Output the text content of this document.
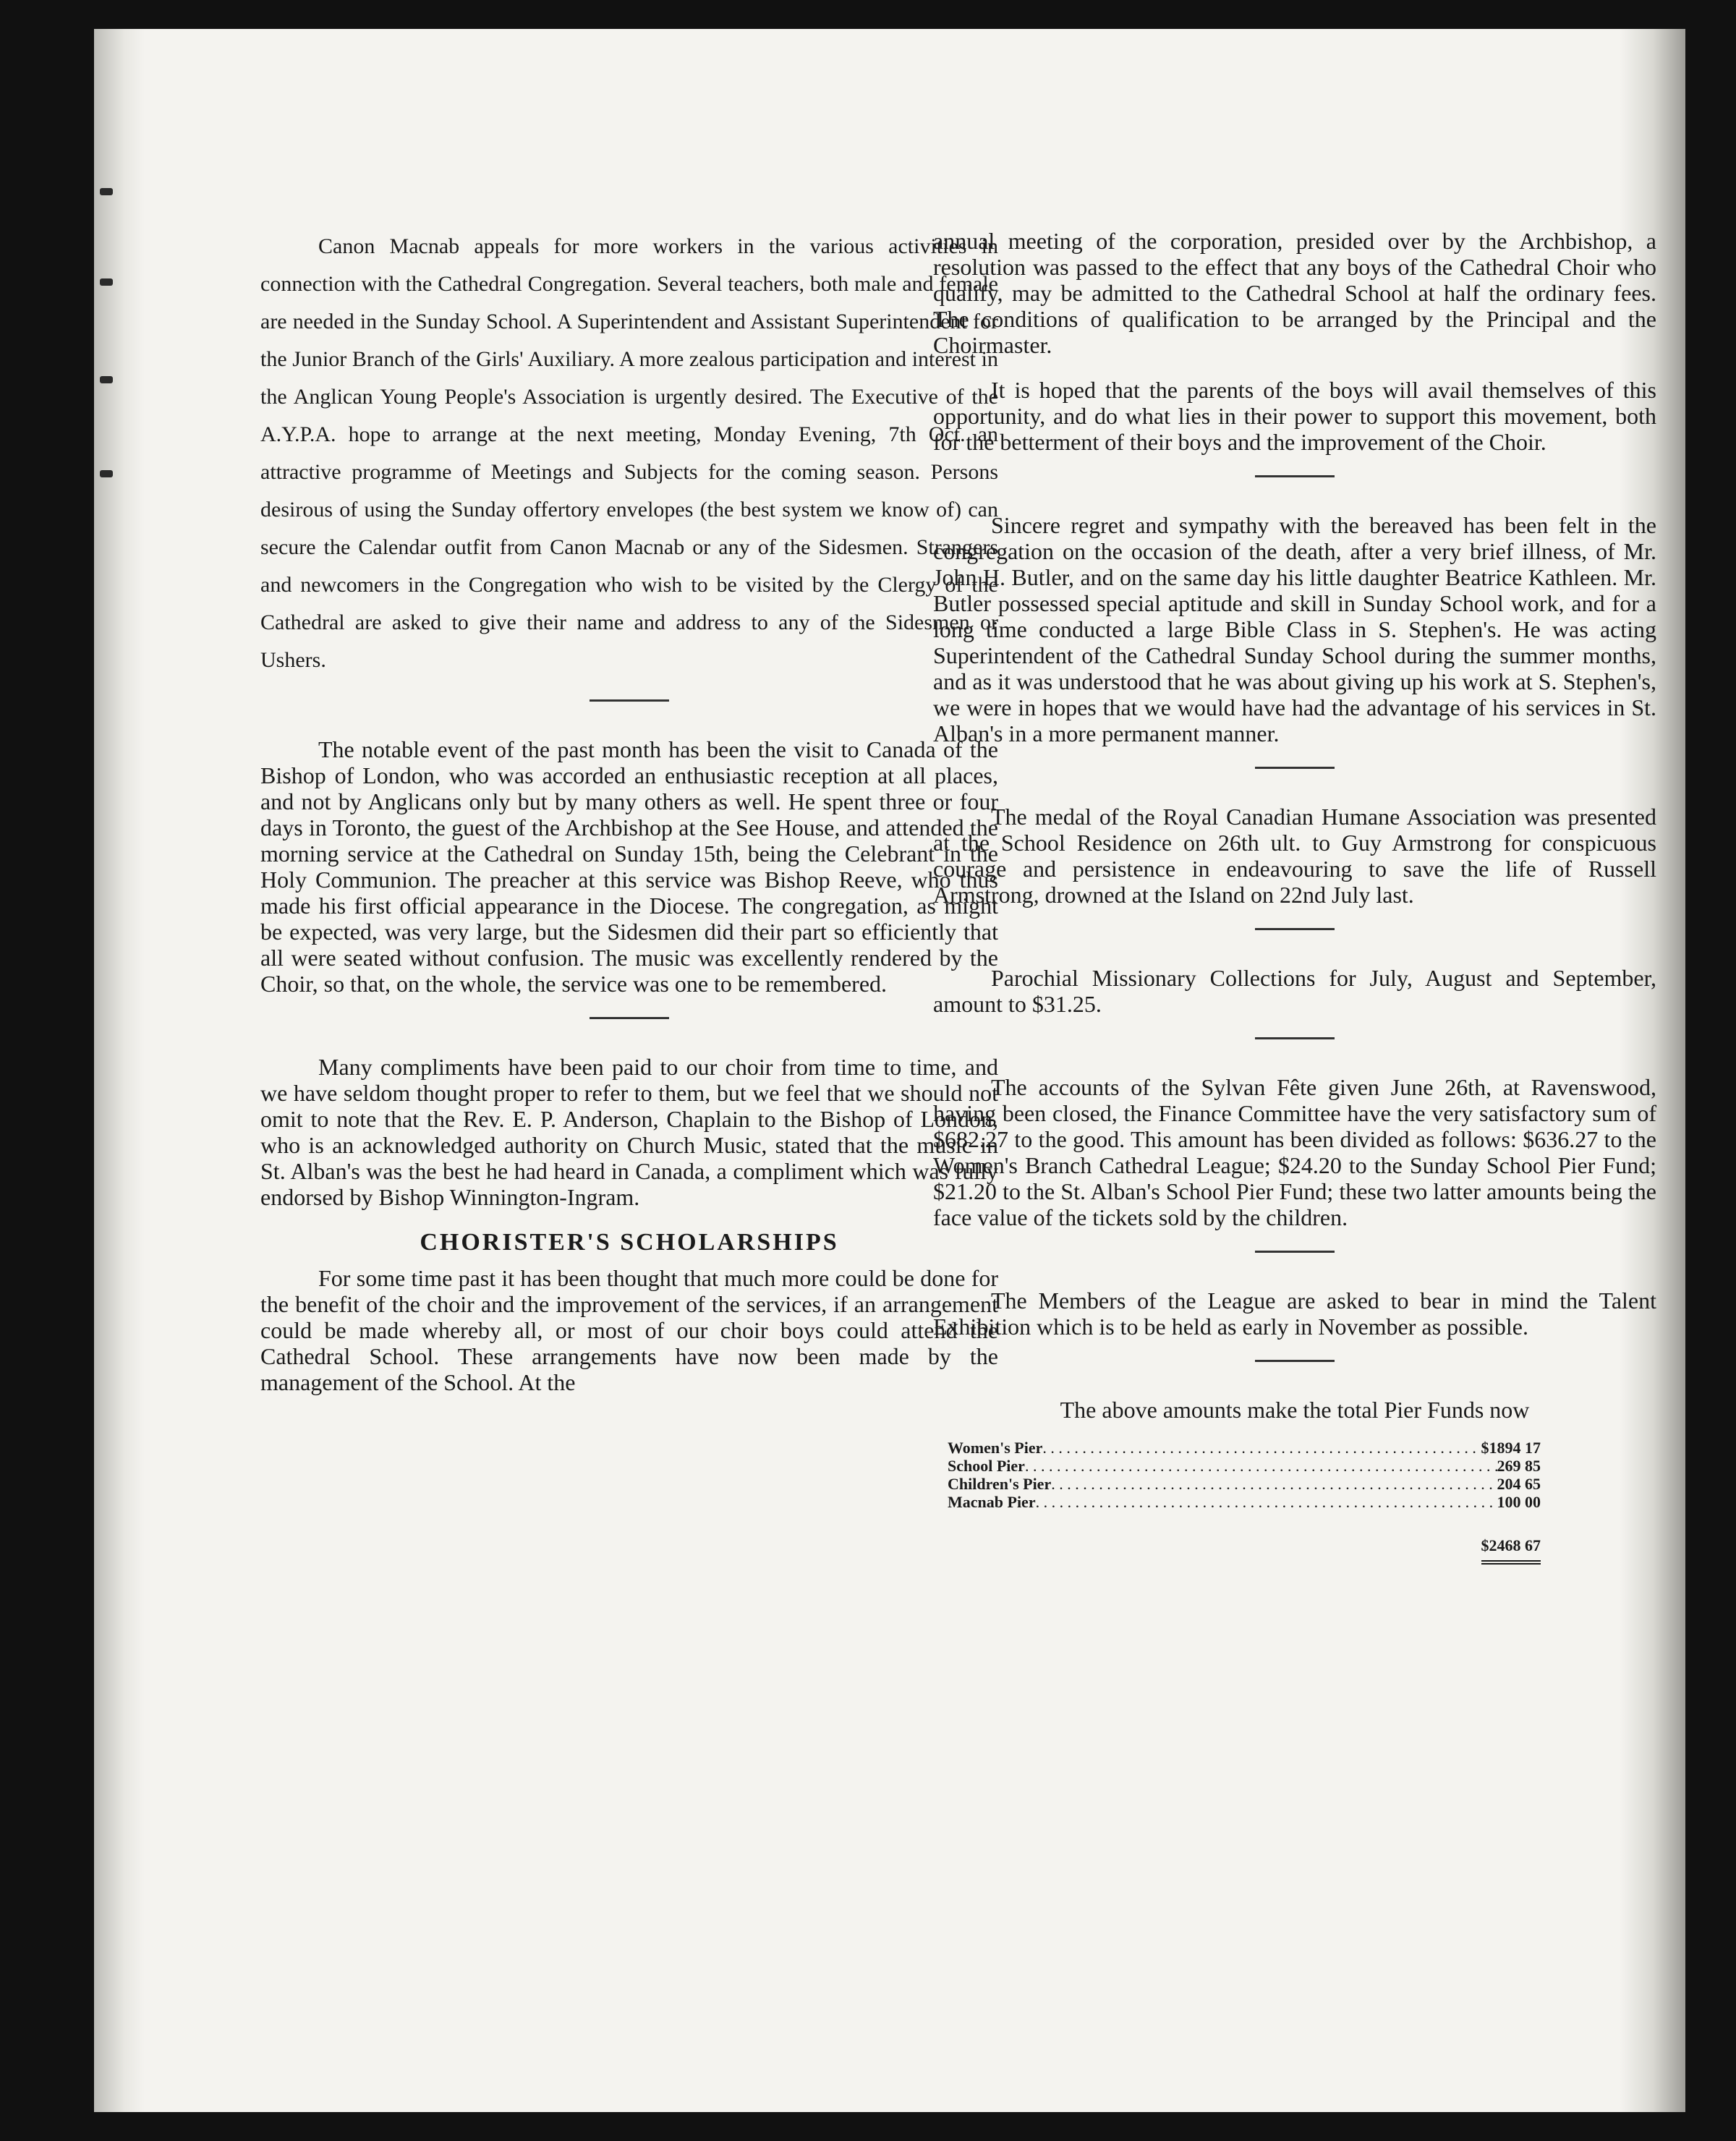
Canon Macnab appeals for more workers in the various activities in connection with the Cathedral Congregation. Several teachers, both male and female are needed in the Sunday School. A Superintendent and Assistant Superintendent for the Junior Branch of the Girls' Auxiliary. A more zealous participation and interest in the Anglican Young People's Association is urgently desired. The Executive of the A.Y.P.A. hope to arrange at the next meeting, Monday Evening, 7th Oct. an attractive programme of Meetings and Subjects for the coming season. Persons desirous of using the Sunday offertory envelopes (the best system we know of) can secure the Calendar outfit from Canon Macnab or any of the Sidesmen. Strangers and newcomers in the Congregation who wish to be visited by the Clergy of the Cathedral are asked to give their name and address to any of the Sidesmen or Ushers.

The notable event of the past month has been the visit to Canada of the Bishop of London, who was accorded an enthusiastic reception at all places, and not by Anglicans only but by many others as well. He spent three or four days in Toronto, the guest of the Archbishop at the See House, and attended the morning service at the Cathedral on Sunday 15th, being the Celebrant in the Holy Communion. The preacher at this service was Bishop Reeve, who thus made his first official appearance in the Diocese. The congregation, as might be expected, was very large, but the Sidesmen did their part so efficiently that all were seated without confusion. The music was excellently rendered by the Choir, so that, on the whole, the service was one to be remembered.

Many compliments have been paid to our choir from time to time, and we have seldom thought proper to refer to them, but we feel that we should not omit to note that the Rev. E. P. Anderson, Chaplain to the Bishop of London, who is an acknowledged authority on Church Music, stated that the music in St. Alban's was the best he had heard in Canada, a compliment which was fully endorsed by Bishop Winnington-Ingram.

CHORISTER'S SCHOLARSHIPS

For some time past it has been thought that much more could be done for the benefit of the choir and the improvement of the services, if an arrangement could be made whereby all, or most of our choir boys could attend the Cathedral School. These arrangements have now been made by the management of the School. At the

annual meeting of the corporation, presided over by the Archbishop, a resolution was passed to the effect that any boys of the Cathedral Choir who qualify, may be admitted to the Cathedral School at half the ordinary fees. The conditions of qualification to be arranged by the Principal and the Choirmaster.

It is hoped that the parents of the boys will avail themselves of this opportunity, and do what lies in their power to support this movement, both for the betterment of their boys and the improvement of the Choir.

Sincere regret and sympathy with the bereaved has been felt in the congregation on the occasion of the death, after a very brief illness, of Mr. John H. Butler, and on the same day his little daughter Beatrice Kathleen. Mr. Butler possessed special aptitude and skill in Sunday School work, and for a long time conducted a large Bible Class in S. Stephen's. He was acting Superintendent of the Cathedral Sunday School during the summer months, and as it was understood that he was about giving up his work at S. Stephen's, we were in hopes that we would have had the advantage of his services in St. Alban's in a more permanent manner.

The medal of the Royal Canadian Humane Association was presented at the School Residence on 26th ult. to Guy Armstrong for conspicuous courage and persistence in endeavouring to save the life of Russell Armstrong, drowned at the Island on 22nd July last.

Parochial Missionary Collections for July, August and September, amount to $31.25.

The accounts of the Sylvan Fête given June 26th, at Ravenswood, having been closed, the Finance Committee have the very satisfactory sum of $682.27 to the good. This amount has been divided as follows: $636.27 to the Women's Branch Cathedral League; $24.20 to the Sunday School Pier Fund; $21.20 to the St. Alban's School Pier Fund; these two latter amounts being the face value of the tickets sold by the children.

The Members of the League are asked to bear in mind the Talent Exhibition which is to be held as early in November as possible.

The above amounts make the total Pier Funds now

Women's Pier . . .	$1894 17
School Pier . . .	269 85
Children's Pier . . .	204 65
Macnab Pier . . .	100 00
$2468 67
